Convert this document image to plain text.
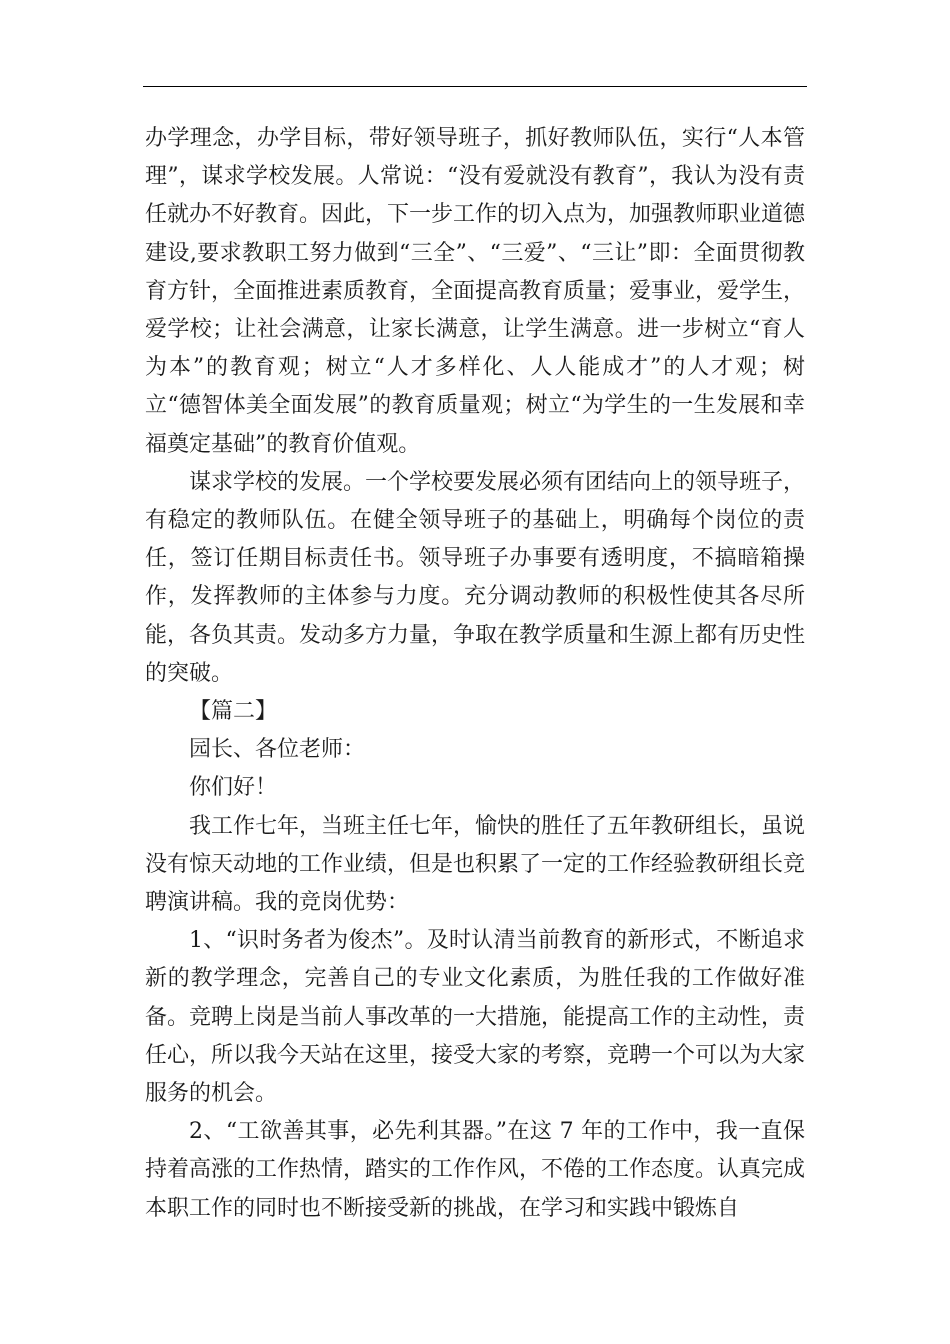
办学理念，办学目标，带好领导班子，抓好教师队伍，实行“人本管理”，谋求学校发展。人常说：“没有爱就没有教育”，我认为没有责任就办不好教育。因此，下一步工作的切入点为，加强教师职业道德建设,要求教职工努力做到“三全”、“三爱”、“三让”即：全面贯彻教育方针，全面推进素质教育，全面提高教育质量；爱事业，爱学生，爱学校；让社会满意，让家长满意，让学生满意。进一步树立“育人为本”的教育观；树立“人才多样化、人人能成才”的人才观；树立“德智体美全面发展”的教育质量观；树立“为学生的一生发展和幸福奠定基础”的教育价值观。

谋求学校的发展。一个学校要发展必须有团结向上的领导班子，有稳定的教师队伍。在健全领导班子的基础上，明确每个岗位的责任，签订任期目标责任书。领导班子办事要有透明度，不搞暗箱操作，发挥教师的主体参与力度。充分调动教师的积极性使其各尽所能，各负其责。发动多方力量，争取在教学质量和生源上都有历史性的突破。

【篇二】

园长、各位老师：

你们好！

我工作七年，当班主任七年，愉快的胜任了五年教研组长，虽说没有惊天动地的工作业绩，但是也积累了一定的工作经验教研组长竞聘演讲稿。我的竞岗优势：

1、“识时务者为俊杰”。及时认清当前教育的新形式，不断追求新的教学理念，完善自己的专业文化素质，为胜任我的工作做好准备。竞聘上岗是当前人事改革的一大措施，能提高工作的主动性，责任心，所以我今天站在这里，接受大家的考察，竞聘一个可以为大家服务的机会。

2、“工欲善其事，必先利其器。”在这 7 年的工作中，我一直保持着高涨的工作热情，踏实的工作作风，不倦的工作态度。认真完成本职工作的同时也不断接受新的挑战，在学习和实践中锻炼自
